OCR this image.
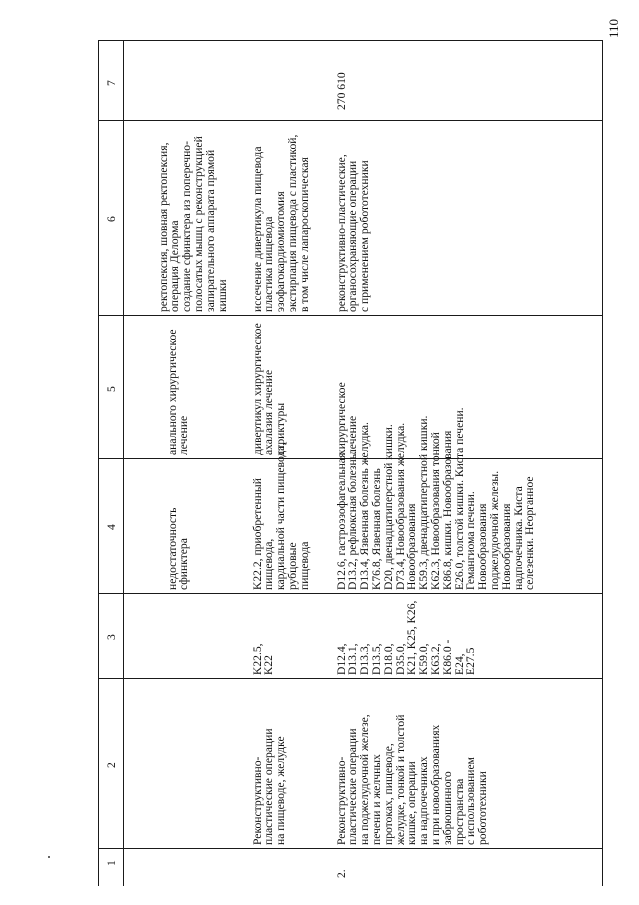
110
1
2
3
4
5
6
7

недостаточность
сфинктера

анального хирургическое
лечение

ректопексия, шовная ректопексия,
операция Делорма
создание сфинктера из поперечно-
полосатых мышц с реконструкцией
запирательного аппарата прямой
кишки

Реконструктивно-
пластические операции
на пищеводе, желудке

K22.5,
K22

K22.2, приобретенный
пищевода,
кардиальной части пищевода,
рубцовые
пищевода

дивертикул хирургическое
ахалазия лечение
стриктуры

иссечение дивертикула пищевода
пластика пищевода
эзофагокардиомиотомия
экстирпация пищевода с пластикой,
в том числе лапароскопическая

2.

Реконструктивно-
пластические операции
на поджелудочной железе,
печени и желчных
протоках, пищеводе,
желудке, тонкой и толстой
кишке, операции
на надпочечниках
и при новообразованиях
забрюшинного
пространства
с использованием
робототехники

D12.4,
D13.1,
D13.3,
D13.5,
D18.0,
D35.0,
K21, K25, K26,
K59.0,
K63.2,
K86.0 -
E24,
E27.5

D12.6, гастроэзофагеальная
D13.2, рефлюксная болезнь.
D13.4, Язвенная болезнь желудка.
K76.8, Язвенная болезнь
D20, двенадцатиперстной кишки.
D73.4, Новообразования желудка.
Новообразования
K59.3, двенадцатиперстной кишки.
K62.3, Новообразования тонкой
K86.8, кишки. Новообразования
E26.0, толстой кишки. Киста печени.
Гемангиома печени.
Новообразования
поджелудочной железы.
Новообразования
надпочечника. Киста
селезенки. Неорганное

хирургическое
лечение

реконструктивно-пластические,
органосохраняющие операции
с применением робототехники

270 610
